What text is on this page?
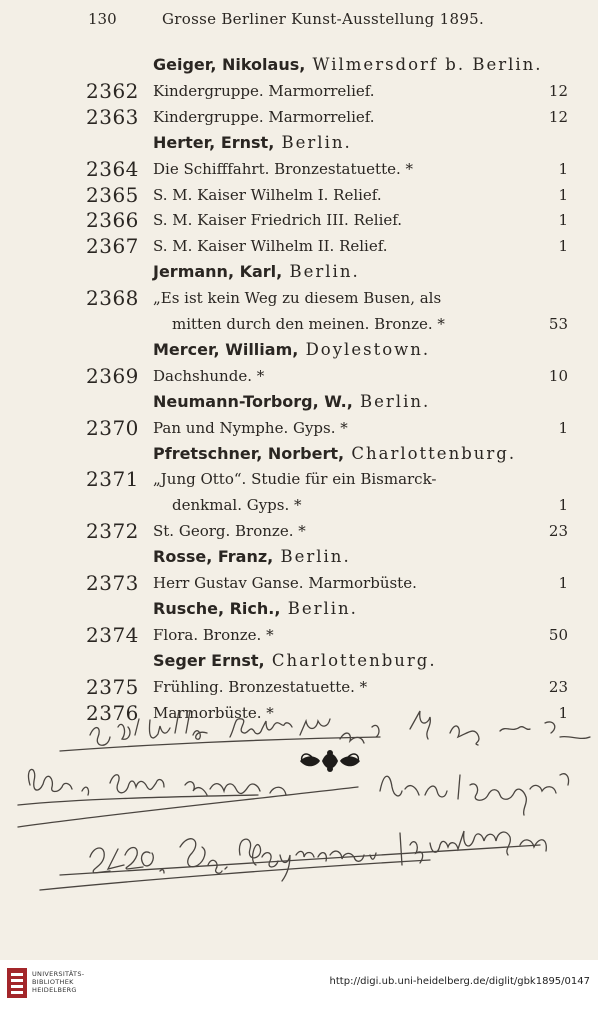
130	Grosse Berliner Kunst-Ausstellung 1895.
Geiger, Nikolaus, Wilmersdorf b. Berlin.
2362 Kindergruppe. Marmorrelief.	12
2363 Kindergruppe. Marmorrelief.	12
Herter, Ernst, Berlin.
2364 Die Schifffahrt. Bronzestatuette. *	1
2365 S. M. Kaiser Wilhelm I. Relief.	1
2366 S. M. Kaiser Friedrich III. Relief.	1
2367 S. M. Kaiser Wilhelm II. Relief.	1
Jermann, Karl, Berlin.
2368 „Es ist kein Weg zu diesem Busen, als
mitten durch den meinen. Bronze. *	53
Mercer, William, Doylestown.
2369 Dachshunde. *	10
Neumann-Torborg, W., Berlin.
2370 Pan und Nymphe. Gyps. *	1
Pfretschner, Norbert, Charlottenburg.
2371 „Jung Otto“. Studie für ein Bismarck-
denkmal. Gyps. *	1
2372 St. Georg. Bronze. *	23
Rosse, Franz, Berlin.
2373 Herr Gustav Ganse. Marmorbüste.	1
Rusche, Rich., Berlin.
2374 Flora. Bronze. *	50
Seger Ernst, Charlottenburg.
2375 Frühling. Bronzestatuette. *	23
2376 Marmorbüste. *	1
UNIVERSITÄTS-
BIBLIOTHEK
HEIDELBERG
http://digi.ub.uni-heidelberg.de/diglit/gbk1895/0147
